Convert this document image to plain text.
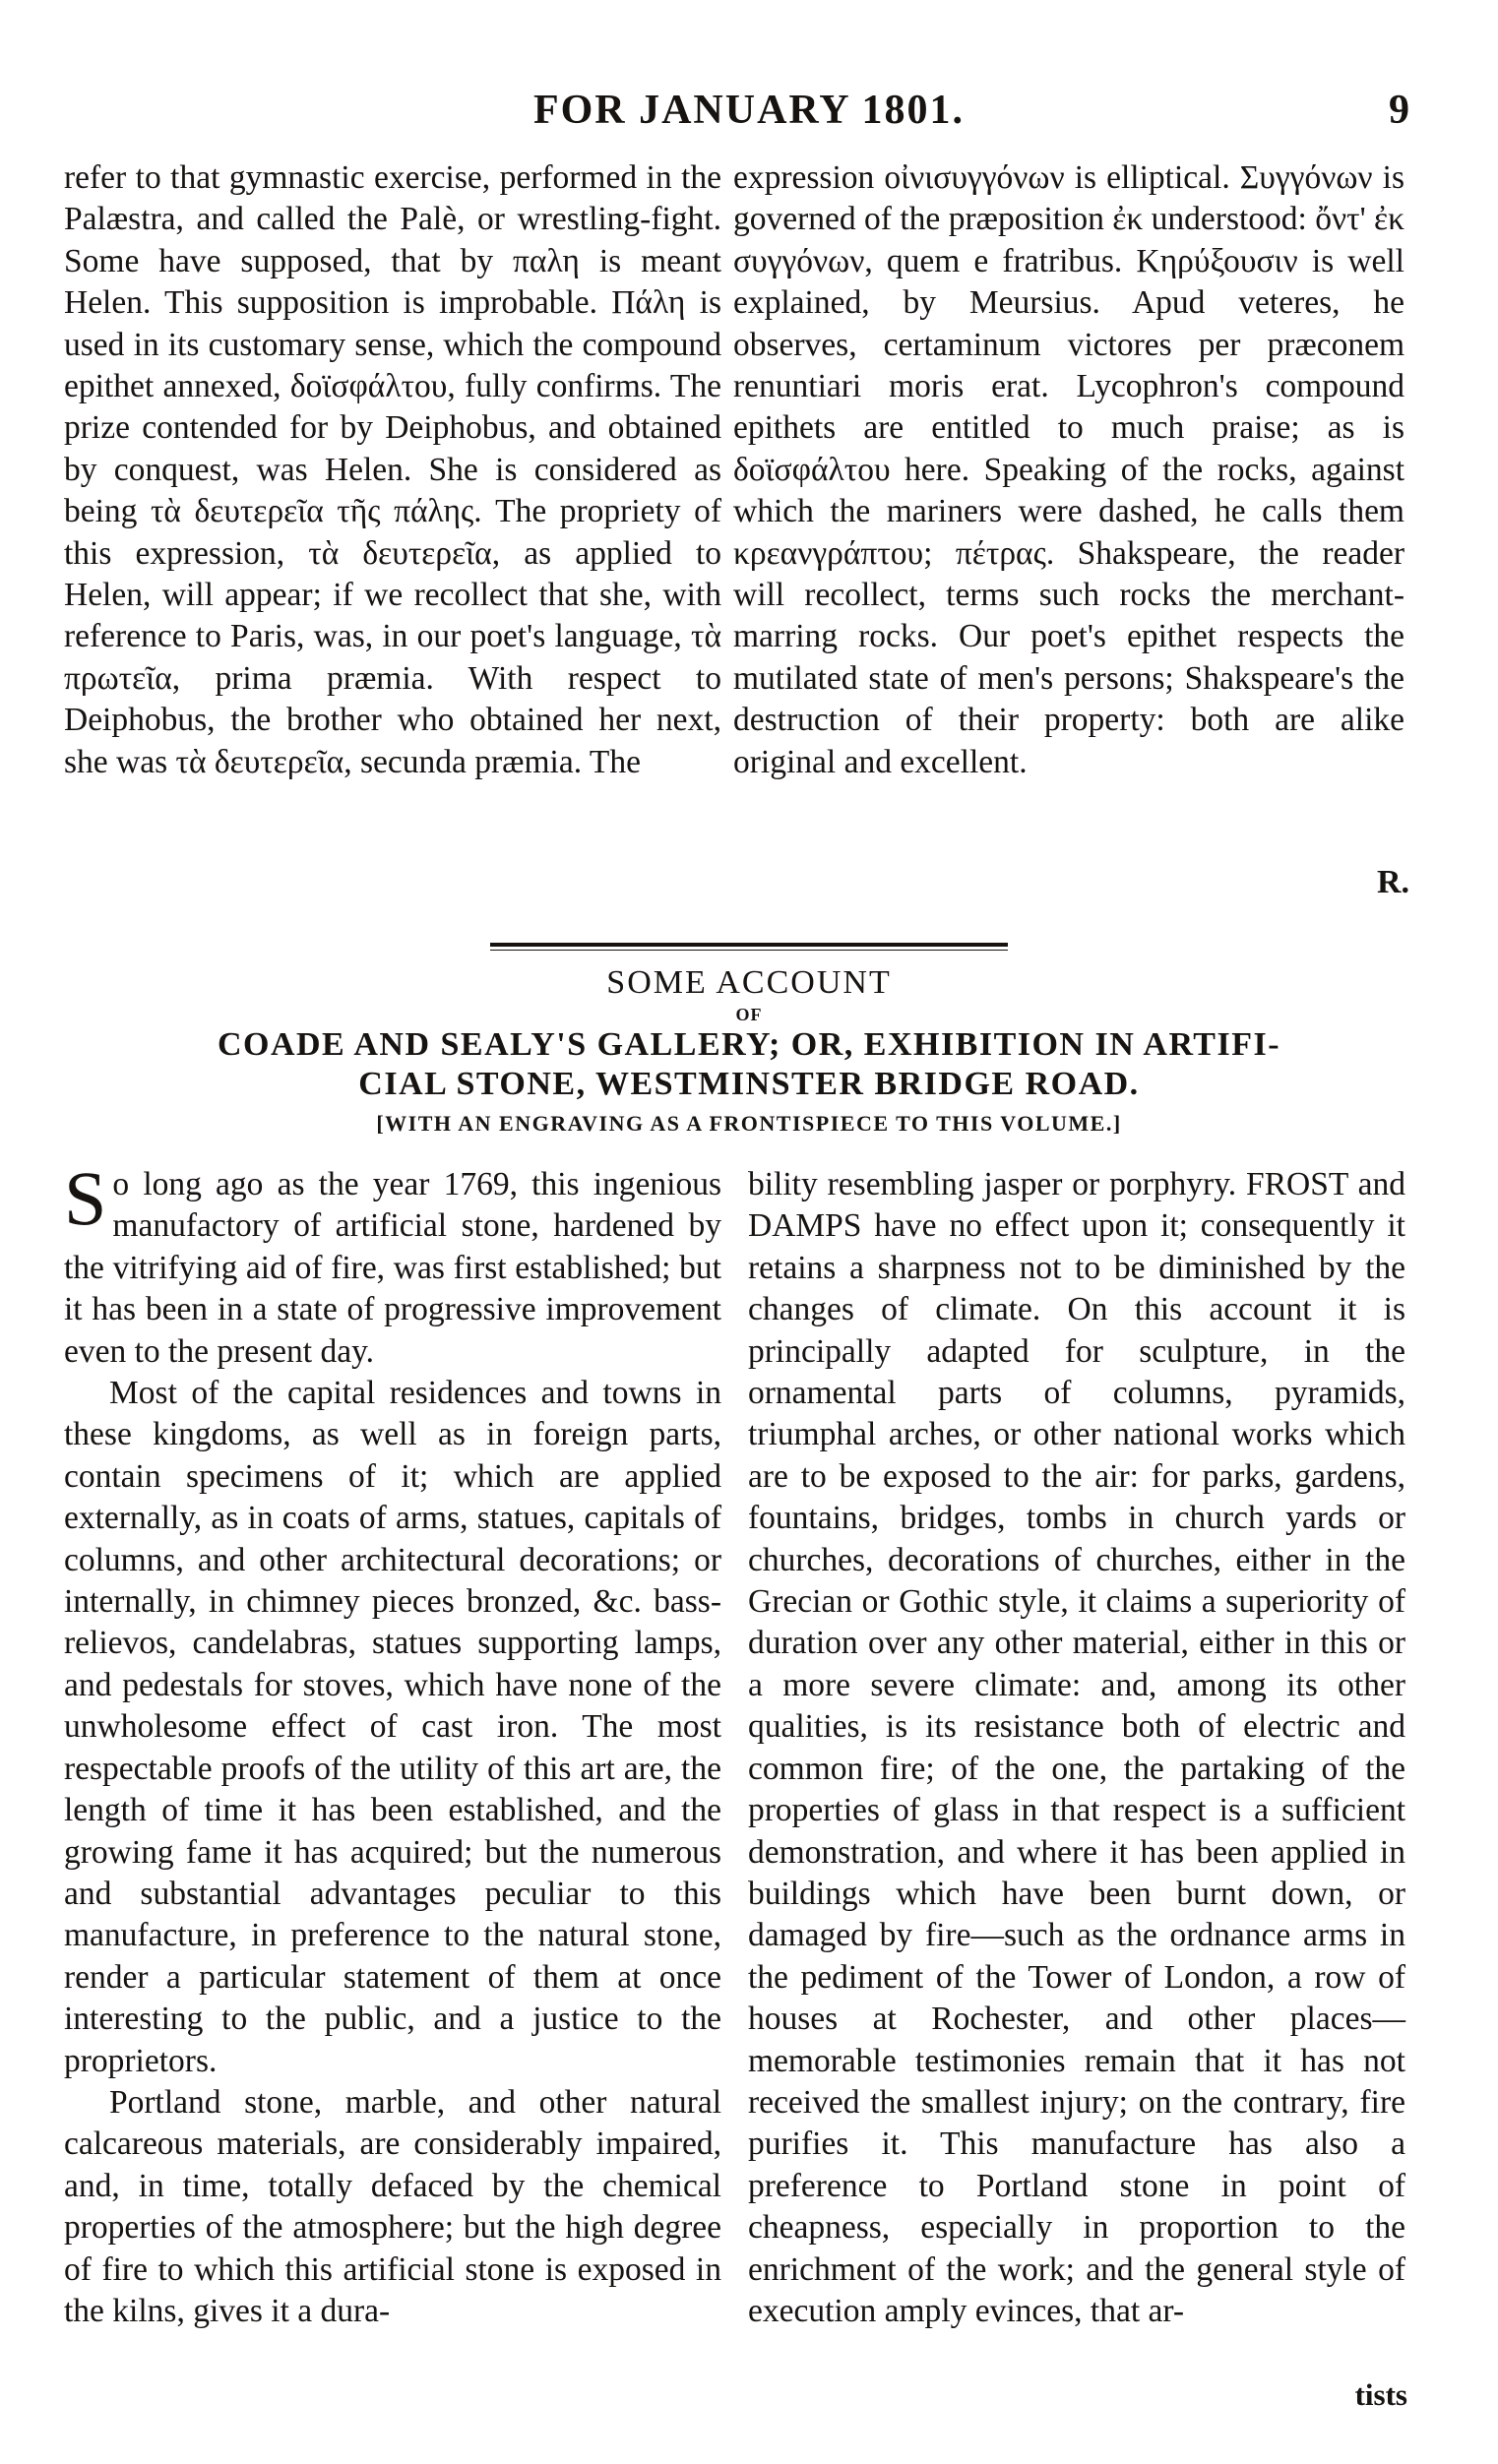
FOR JANUARY 1801.	9

refer to that gymnastic exercise, performed in the Palæstra, and called the Palè, or wrestling-fight. Some have supposed, that by παλη is meant Helen. This supposition is improbable. Πάλη is used in its customary sense, which the compound epithet annexed, δοϊσφάλτου, fully confirms. The prize contended for by Deiphobus, and obtained by conquest, was Helen. She is considered as being τὰ δευτερεῖα τῆς πάλης. The propriety of this expression, τὰ δευτερεῖα, as applied to Helen, will appear; if we recollect that she, with reference to Paris, was, in our poet's language, τὰ πρωτεῖα, prima præmia. With respect to Deiphobus, the brother who obtained her next, she was τὰ δευτερεῖα, secunda præmia. The

expression οἰνισυγγόνων is elliptical. Συγγόνων is governed of the præposition ἐκ understood: ὄντ' ἐκ συγγόνων, quem e fratribus. Κηρύξουσιν is well explained, by Meursius. Apud veteres, he observes, certaminum victores per præconem renuntiari moris erat. Lycophron's compound epithets are entitled to much praise; as is δοϊσφάλτου here. Speaking of the rocks, against which the mariners were dashed, he calls them κρεανγράπτου; πέτρας. Shakspeare, the reader will recollect, terms such rocks the merchant-marring rocks. Our poet's epithet respects the mutilated state of men's persons; Shakspeare's the destruction of their property: both are alike original and excellent.

R.
SOME ACCOUNT
OF
COADE AND SEALY'S GALLERY; OR, EXHIBITION IN ARTIFI-
CIAL STONE, WESTMINSTER BRIDGE ROAD.
[WITH AN ENGRAVING AS A FRONTISPIECE TO THIS VOLUME.]

So long ago as the year 1769, this ingenious manufactory of artificial stone, hardened by the vitrifying aid of fire, was first established; but it has been in a state of progressive improvement even to the present day.

Most of the capital residences and towns in these kingdoms, as well as in foreign parts, contain specimens of it; which are applied externally, as in coats of arms, statues, capitals of columns, and other architectural decorations; or internally, in chimney pieces bronzed, &c. bass-relievos, candelabras, statues supporting lamps, and pedestals for stoves, which have none of the unwholesome effect of cast iron. The most respectable proofs of the utility of this art are, the length of time it has been established, and the growing fame it has acquired; but the numerous and substantial advantages peculiar to this manufacture, in preference to the natural stone, render a particular statement of them at once interesting to the public, and a justice to the proprietors.

Portland stone, marble, and other natural calcareous materials, are considerably impaired, and, in time, totally defaced by the chemical properties of the atmosphere; but the high degree of fire to which this artificial stone is exposed in the kilns, gives it a dura-

bility resembling jasper or porphyry. FROST and DAMPS have no effect upon it; consequently it retains a sharpness not to be diminished by the changes of climate. On this account it is principally adapted for sculpture, in the ornamental parts of columns, pyramids, triumphal arches, or other national works which are to be exposed to the air: for parks, gardens, fountains, bridges, tombs in church yards or churches, decorations of churches, either in the Grecian or Gothic style, it claims a superiority of duration over any other material, either in this or a more severe climate: and, among its other qualities, is its resistance both of electric and common fire; of the one, the partaking of the properties of glass in that respect is a sufficient demonstration, and where it has been applied in buildings which have been burnt down, or damaged by fire—such as the ordnance arms in the pediment of the Tower of London, a row of houses at Rochester, and other places—memorable testimonies remain that it has not received the smallest injury; on the contrary, fire purifies it. This manufacture has also a preference to Portland stone in point of cheapness, especially in proportion to the enrichment of the work; and the general style of execution amply evinces, that ar-

tists
